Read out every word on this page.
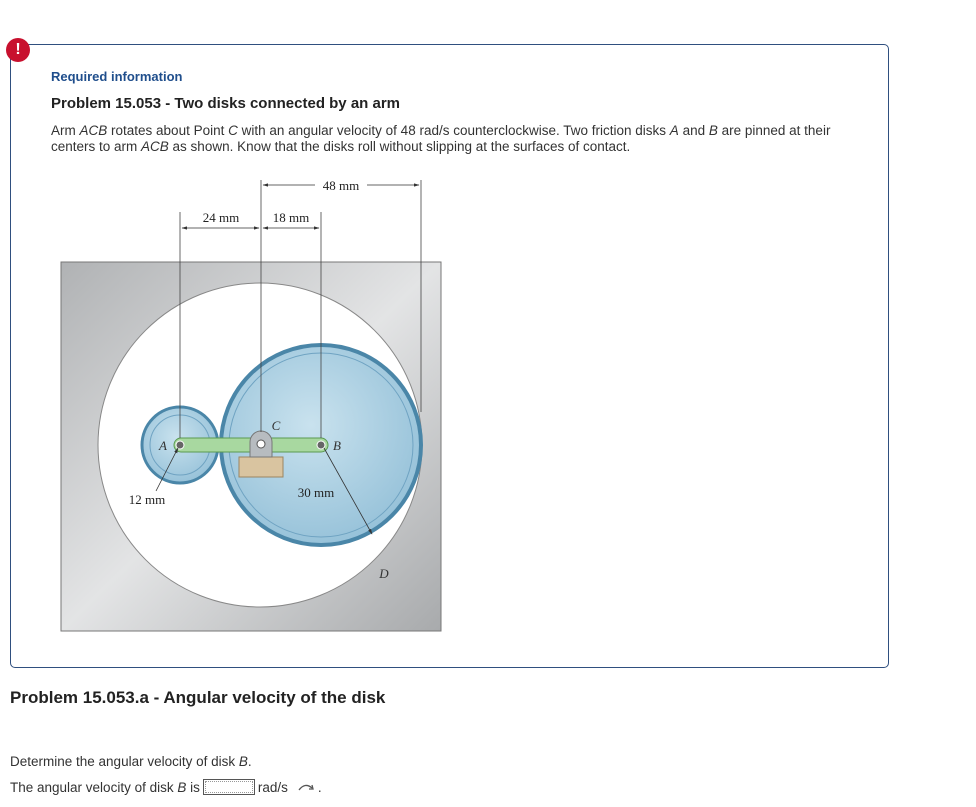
!
Required information
Problem 15.053 - Two disks connected by an arm
Arm ACB rotates about Point C with an angular velocity of 48 rad/s counterclockwise. Two friction disks A and B are pinned at their centers to arm ACB as shown. Know that the disks roll without slipping at the surfaces of contact.
48 mm
24 mm	18 mm
12 mm	30 mm
A	B
C
D
Problem 15.053.a - Angular velocity of the disk
Determine the angular velocity of disk B.
The angular velocity of disk B is	rad/s .
